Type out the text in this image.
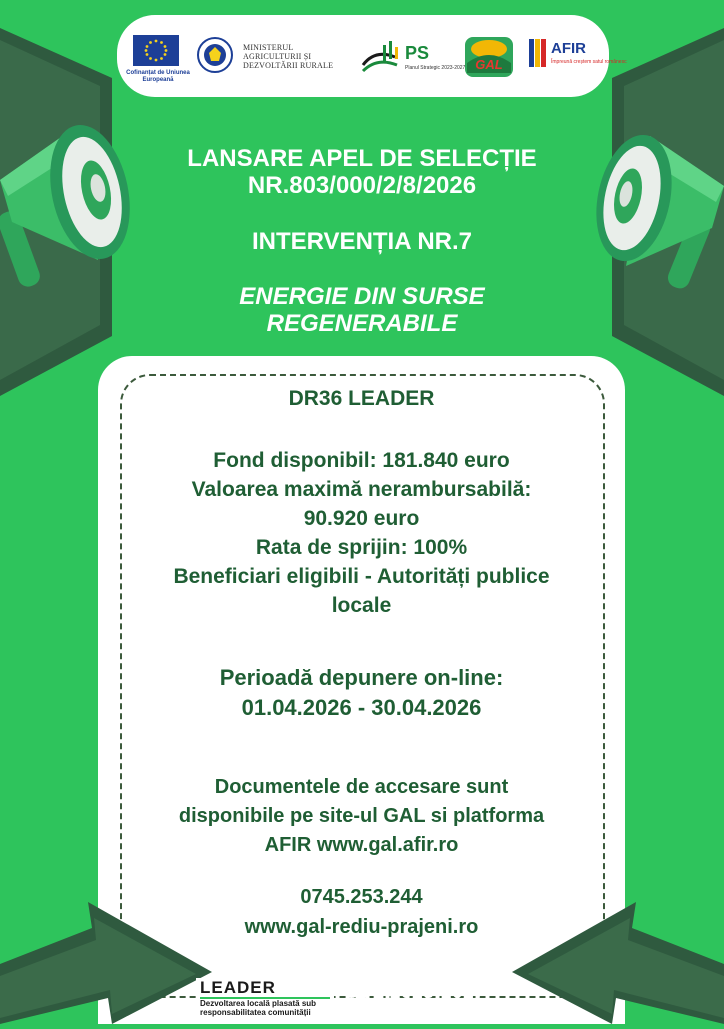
Cofinanțat de Uniunea Europeană
MINISTERUL AGRICULTURII ȘI DEZVOLTĂRII RURALE
PS
Planul Strategic 2023-2027 GAL
AFIR
Împreună creștem satul românesc
LANSARE APEL DE SELECȚIE
NR.803/000/2/8/2026
INTERVENȚIA NR.7
ENERGIE DIN SURSE
REGENERABILE
DR36 LEADER
Fond disponibil: 181.840 euro
Valoarea maximă nerambursabilă:
90.920 euro
Rata de sprijin: 100%
Beneficiari eligibili - Autorități publice
locale
Perioadă depunere on-line:
01.04.2026 - 30.04.2026
Documentele de accesare sunt
disponibile pe site-ul GAL si platforma
AFIR www.gal.afir.ro
0745.253.244
www.gal-rediu-prajeni.ro
LEADER
Dezvoltarea locală plasată sub responsabilitatea comunității
SDL 2023-2027
